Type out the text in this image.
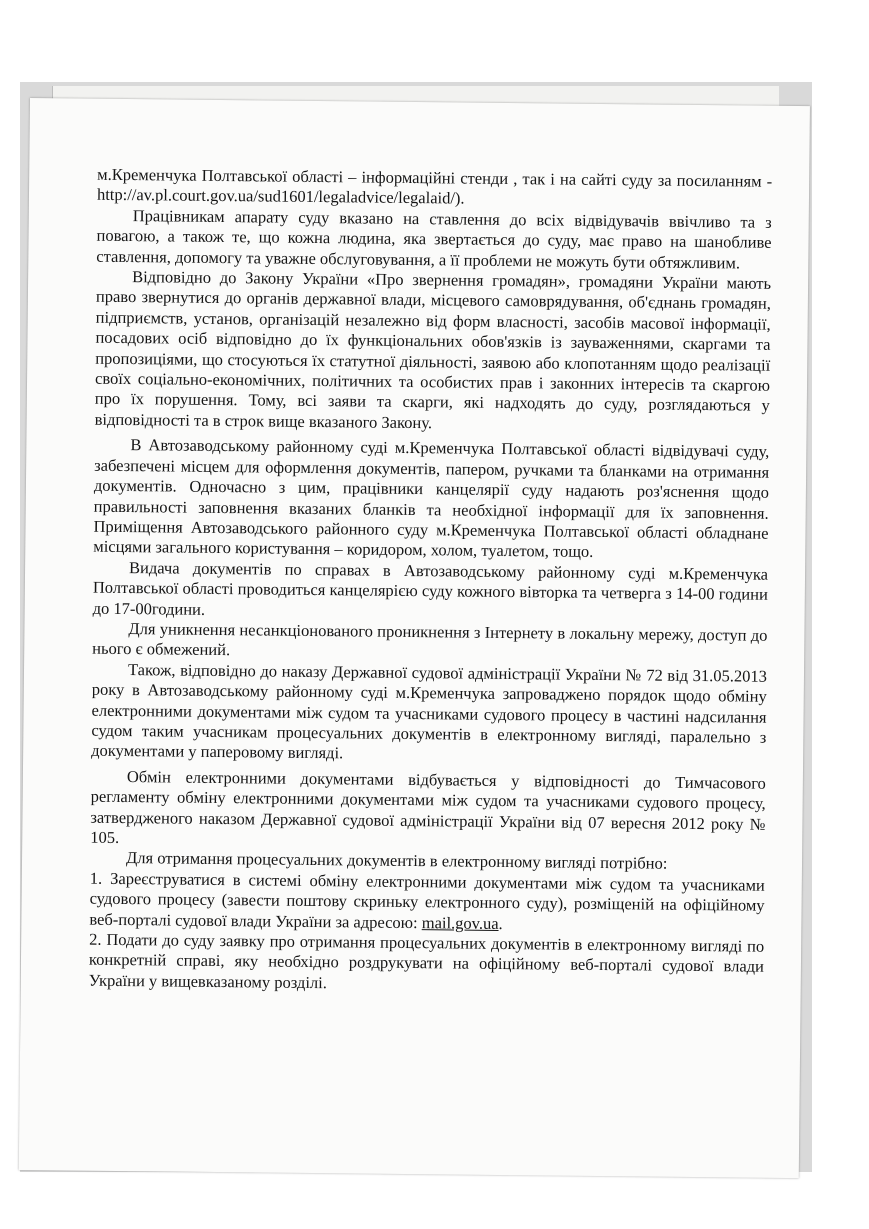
м.Кременчука Полтавської області – інформаційні стенди , так і на сайті суду за посиланням - http://av.pl.court.gov.ua/sud1601/legaladvice/legalaid/).

Працівникам апарату суду вказано на ставлення до всіх відвідувачів ввічливо та з повагою, а також те, що кожна людина, яка звертається до суду, має право на шанобливе ставлення, допомогу та уважне обслуговування, а її проблеми не можуть бути обтяжливим.

Відповідно до Закону України «Про звернення громадян», громадяни України мають право звернутися до органів державної влади, місцевого самоврядування, об'єднань громадян, підприємств, установ, організацій незалежно від форм власності, засобів масової інформації, посадових осіб відповідно до їх функціональних обов'язків із зауваженнями, скаргами та пропозиціями, що стосуються їх статутної діяльності, заявою або клопотанням щодо реалізації своїх соціально-економічних, політичних та особистих прав і законних інтересів та скаргою про їх порушення. Тому, всі заяви та скарги, які надходять до суду, розглядаються у відповідності та в строк вище вказаного Закону.

В Автозаводському районному суді м.Кременчука Полтавської області відвідувачі суду, забезпечені місцем для оформлення документів, папером, ручками та бланками на отримання документів. Одночасно з цим, працівники канцелярії суду надають роз'яснення щодо правильності заповнення вказаних бланків та необхідної інформації для їх заповнення. Приміщення Автозаводського районного суду м.Кременчука Полтавської області обладнане місцями загального користування – коридором, холом, туалетом, тощо.

Видача документів по справах в Автозаводському районному суді м.Кременчука Полтавської області проводиться канцелярією суду кожного вівторка та четверга з 14-00 години до 17-00години.

Для уникнення несанкціонованого проникнення з Інтернету в локальну мережу, доступ до нього є обмежений.

Також, відповідно до наказу Державної судової адміністрації України № 72 від 31.05.2013 року в Автозаводському районному суді м.Кременчука запроваджено порядок щодо обміну електронними документами між судом та учасниками судового процесу в частині надсилання судом таким учасникам процесуальних документів в електронному вигляді, паралельно з документами у паперовому вигляді.

Обмін електронними документами відбувається у відповідності до Тимчасового регламенту обміну електронними документами між судом та учасниками судового процесу, затвердженого наказом Державної судової адміністрації України від 07 вересня 2012 року № 105.

Для отримання процесуальних документів в електронному вигляді потрібно:

1. Зареєструватися в системі обміну електронними документами між судом та учасниками судового процесу (завести поштову скриньку електронного суду), розміщеній на офіційному веб-порталі судової влади України за адресою: mail.gov.ua.

2. Подати до суду заявку про отримання процесуальних документів в електронному вигляді по конкретній справі, яку необхідно роздрукувати на офіційному веб-порталі судової влади України у вищевказаному розділі.
